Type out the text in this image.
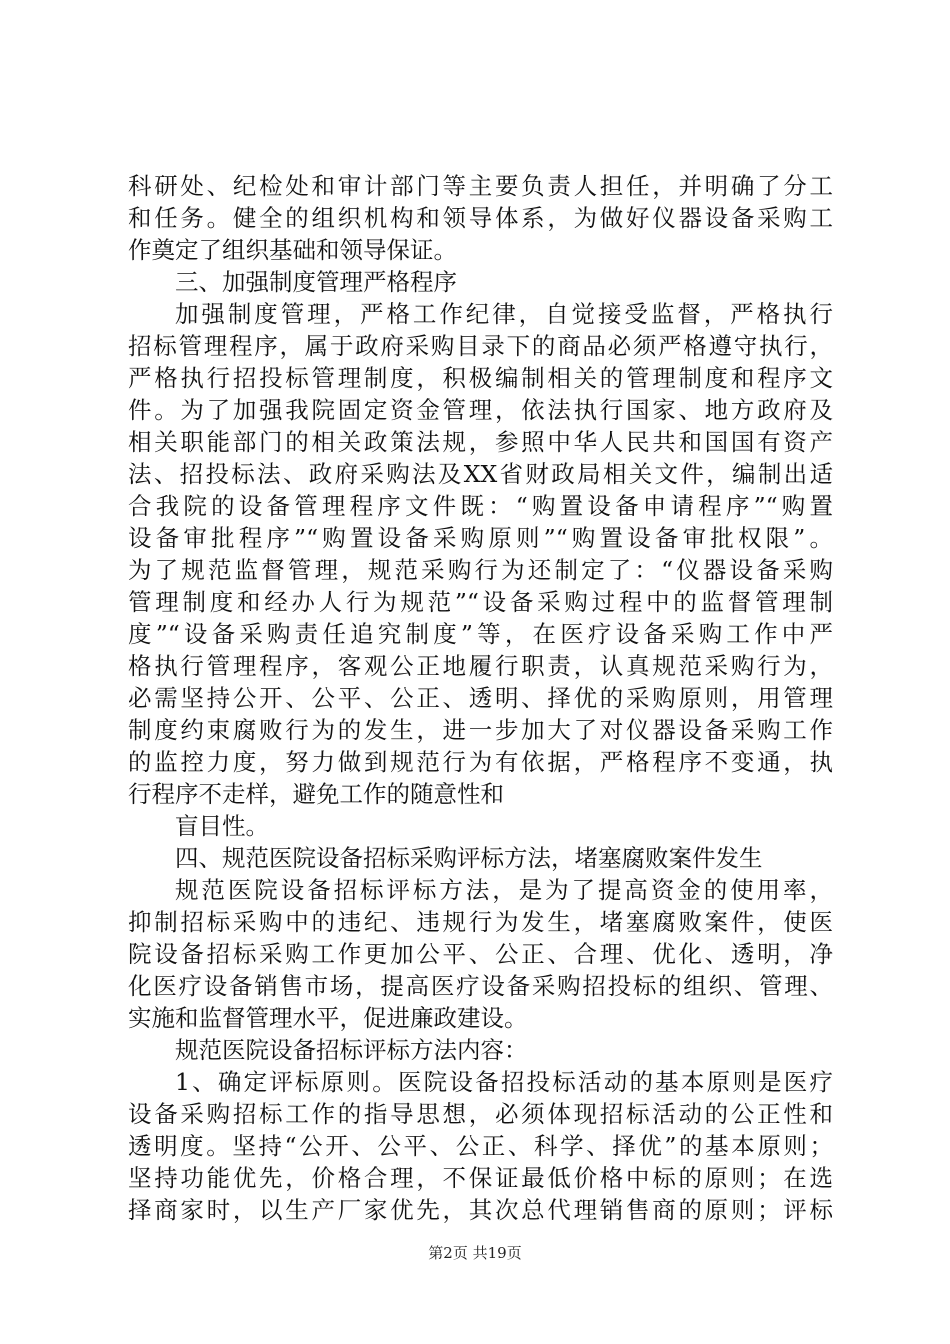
科研处、纪检处和审计部门等主要负责人担任，并明确了分工
和任务。健全的组织机构和领导体系，为做好仪器设备采购工
作奠定了组织基础和领导保证。
三、加强制度管理严格程序
加强制度管理，严格工作纪律，自觉接受监督，严格执行
招标管理程序，属于政府采购目录下的商品必须严格遵守执行，
严格执行招投标管理制度，积极编制相关的管理制度和程序文
件。为了加强我院固定资金管理，依法执行国家、地方政府及
相关职能部门的相关政策法规，参照中华人民共和国国有资产
法、招投标法、政府采购法及XX省财政局相关文件，编制出适
合我院的设备管理程序文件既：“购置设备申请程序”“购置
设备审批程序”“购置设备采购原则”“购置设备审批权限”。
为了规范监督管理，规范采购行为还制定了：“仪器设备采购
管理制度和经办人行为规范”“设备采购过程中的监督管理制
度”“设备采购责任追究制度”等，在医疗设备采购工作中严
格执行管理程序，客观公正地履行职责，认真规范采购行为，
必需坚持公开、公平、公正、透明、择优的采购原则，用管理
制度约束腐败行为的发生，进一步加大了对仪器设备采购工作
的监控力度，努力做到规范行为有依据，严格程序不变通，执
行程序不走样，避免工作的随意性和
盲目性。
四、规范医院设备招标采购评标方法，堵塞腐败案件发生
规范医院设备招标评标方法，是为了提高资金的使用率，
抑制招标采购中的违纪、违规行为发生，堵塞腐败案件，使医
院设备招标采购工作更加公平、公正、合理、优化、透明，净
化医疗设备销售市场，提高医疗设备采购招投标的组织、管理、
实施和监督管理水平，促进廉政建设。
规范医院设备招标评标方法内容：
1、确定评标原则。医院设备招投标活动的基本原则是医疗
设备采购招标工作的指导思想，必须体现招标活动的公正性和
透明度。坚持“公开、公平、公正、科学、择优”的基本原则；
坚持功能优先，价格合理，不保证最低价格中标的原则；在选
择商家时，以生产厂家优先，其次总代理销售商的原则；评标
第2页 共19页
